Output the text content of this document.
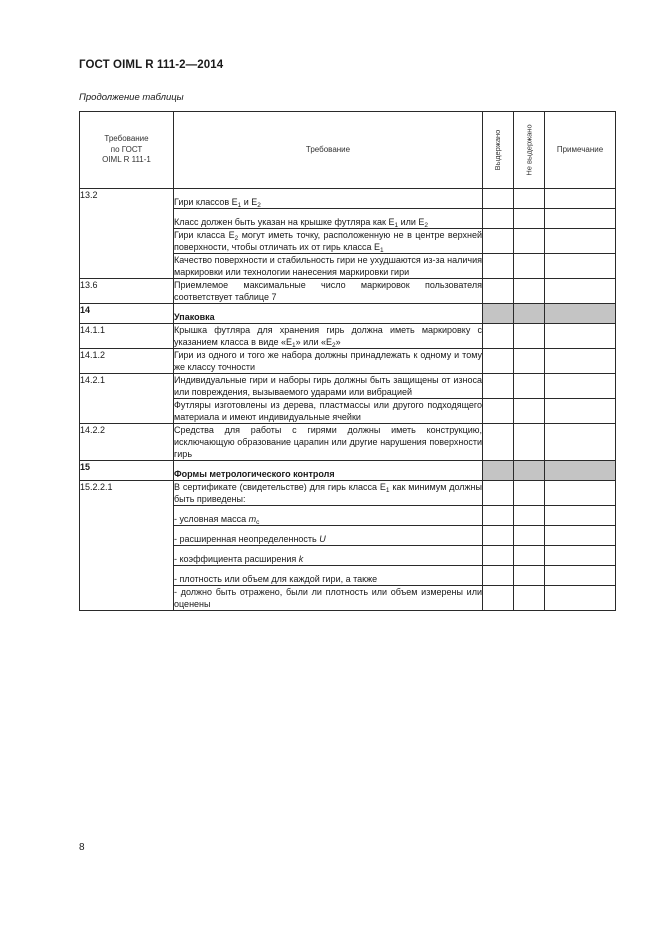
ГОСТ OIML R 111-2—2014
Продолжение таблицы
Требование
по ГОСТ
OIML R 111-1	Требование	Выдержано	Не выдержано	Примечание
13.2	Гири классов $E_1$ и $E_2$			
	Класс должен быть указан на крышке футляра как $E_1$ или $E_2$			
	Гири класса $E_2$ могут иметь точку, расположенную не в центре верхней поверхности, чтобы отличать их от гирь класса $E_1$			
	Качество поверхности и стабильность гири не ухудшаются из-за наличия маркировки или технологии нанесения маркировки гири			
13.6	Приемлемое максимальные число маркировок пользователя соответствует таблице 7			
14	Упаковка			
14.1.1	Крышка футляра для хранения гирь должна иметь маркировку с указанием класса в виде «$E_1$» или «$E_2$»			
14.1.2	Гири из одного и того же набора должны принадлежать к одному и тому же классу точности			
14.2.1	Индивидуальные гири и наборы гирь должны быть защищены от износа или повреждения, вызываемого ударами или вибрацией			
	Футляры изготовлены из дерева, пластмассы или другого подходящего материала и имеют индивидуальные ячейки			
14.2.2	Средства для работы с гирями должны иметь конструкцию, исключающую образование царапин или другие нарушения поверхности гирь			
15	Формы метрологического контроля			
15.2.2.1	В сертификате (свидетельстве) для гирь класса $E_1$ как минимум должны быть приведены:			
	- условная масса $m_c$			
	- расширенная неопределенность U			
	- коэффициента расширения k			
	- плотность или объем для каждой гири, а также			
	- должно быть отражено, были ли плотность или объем измерены или оценены			
8
